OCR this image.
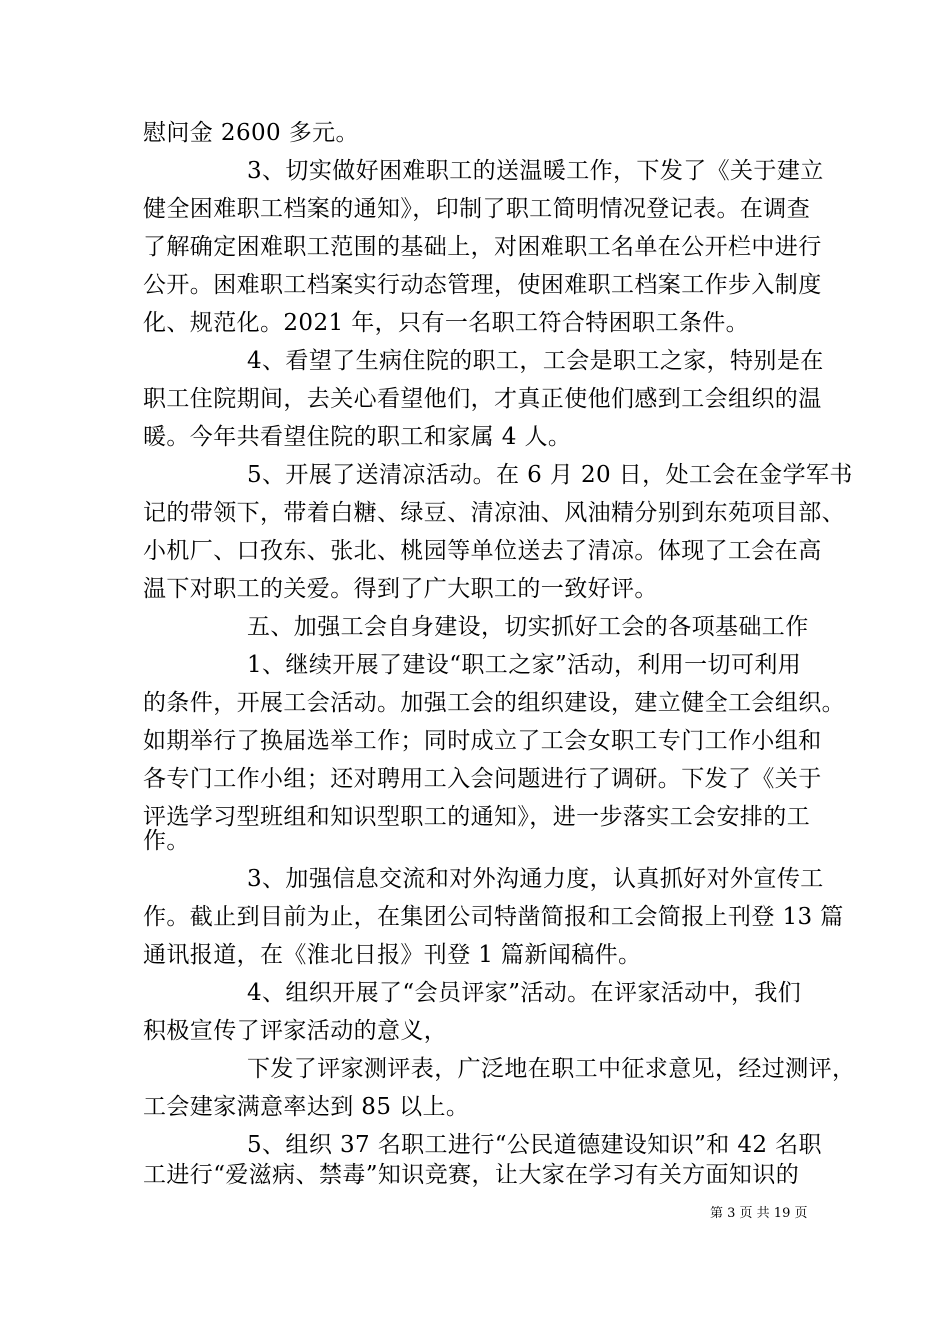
慰问金 2600 多元。
3、切实做好困难职工的送温暖工作，下发了《关于建立
健全困难职工档案的通知》，印制了职工简明情况登记表。在调查
了解确定困难职工范围的基础上，对困难职工名单在公开栏中进行
公开。困难职工档案实行动态管理，使困难职工档案工作步入制度
化、规范化。2021 年，只有一名职工符合特困职工条件。
4、看望了生病住院的职工，工会是职工之家，特别是在
职工住院期间，去关心看望他们，才真正使他们感到工会组织的温
暖。今年共看望住院的职工和家属 4 人。
5、开展了送清凉活动。在 6 月 20 日，处工会在金学军书
记的带领下，带着白糖、绿豆、清凉油、风油精分别到东苑项目部、
小机厂、口孜东、张北、桃园等单位送去了清凉。体现了工会在高
温下对职工的关爱。得到了广大职工的一致好评。
五、加强工会自身建设，切实抓好工会的各项基础工作
1、继续开展了建设“职工之家”活动，利用一切可利用
的条件，开展工会活动。加强工会的组织建设，建立健全工会组织。
如期举行了换届选举工作；同时成立了工会女职工专门工作小组和
各专门工作小组；还对聘用工入会问题进行了调研。下发了《关于
评选学习型班组和知识型职工的通知》，进一步落实工会安排的工
作。
3、加强信息交流和对外沟通力度，认真抓好对外宣传工
作。截止到目前为止，在集团公司特凿简报和工会简报上刊登 13 篇
通讯报道，在《淮北日报》刊登 1 篇新闻稿件。
4、组织开展了“会员评家”活动。在评家活动中，我们
积极宣传了评家活动的意义，
下发了评家测评表，广泛地在职工中征求意见，经过测评，
工会建家满意率达到 85 以上。
5、组织 37 名职工进行“公民道德建设知识”和 42 名职
工进行“爱滋病、禁毒”知识竞赛，让大家在学习有关方面知识的
第 3 页 共 19 页
